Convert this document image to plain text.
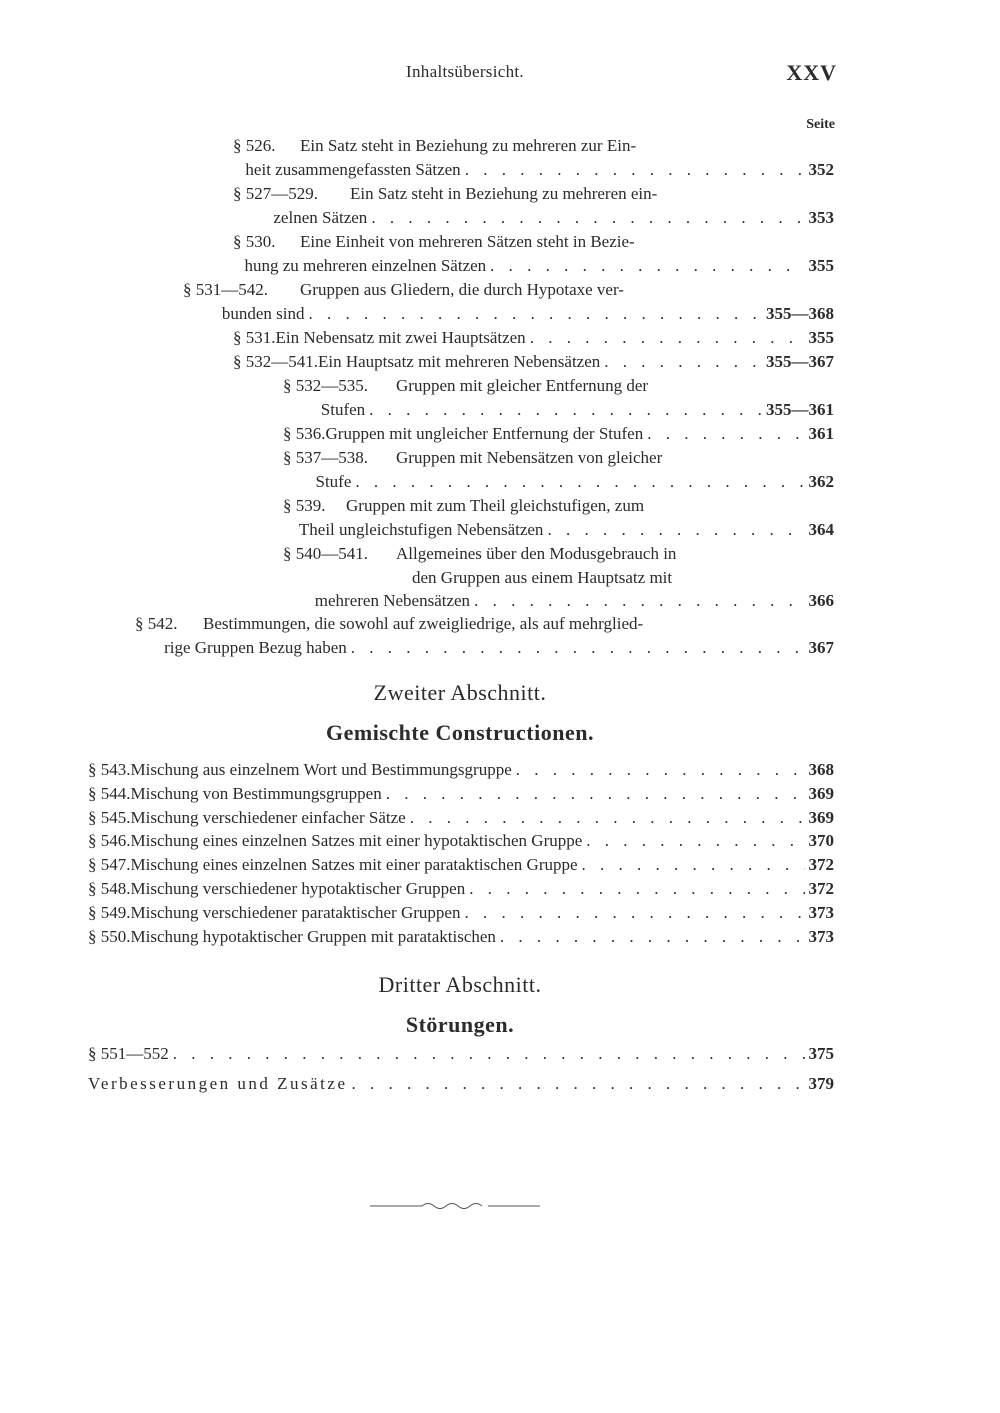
Inhaltsübersicht.	XXV
Seite
§ 526.	Ein Satz steht in Beziehung zu mehreren zur Ein-
heit zusammengefassten Sätzen . . .	352
§ 527—529.	Ein Satz steht in Beziehung zu mehreren ein-
zelnen Sätzen . . .	353
§ 530.	Eine Einheit von mehreren Sätzen steht in Bezie-
hung zu mehreren einzelnen Sätzen . . .	355
§ 531—542.	Gruppen aus Gliedern, die durch Hypotaxe ver-
bunden sind . . .	355—368
§ 531. Ein Nebensatz mit zwei Hauptsätzen . . .	355
§ 532—541. Ein Hauptsatz mit mehreren Nebensätzen . . .	355—367
§ 532—535.	Gruppen mit gleicher Entfernung der
Stufen . . .	355—361
§ 536. Gruppen mit ungleicher Entfernung der Stufen . . .	361
§ 537—538.	Gruppen mit Nebensätzen von gleicher
Stufe . . .	362
§ 539.	Gruppen mit zum Theil gleichstufigen, zum
Theil ungleichstufigen Nebensätzen . . .	364
§ 540—541.	Allgemeines über den Modusgebrauch in
den Gruppen aus einem Hauptsatz mit
mehreren Nebensätzen . . .	366
§ 542.	Bestimmungen, die sowohl auf zweigliedrige, als auf mehrglied-
rige Gruppen Bezug haben . . .	367
Zweiter Abschnitt.
Gemischte Constructionen.
§ 543. Mischung aus einzelnem Wort und Bestimmungsgruppe . . .	368
§ 544. Mischung von Bestimmungsgruppen . . .	369
§ 545. Mischung verschiedener einfacher Sätze . . .	369
§ 546. Mischung eines einzelnen Satzes mit einer hypotaktischen Gruppe . . .	370
§ 547. Mischung eines einzelnen Satzes mit einer parataktischen Gruppe . . .	372
§ 548. Mischung verschiedener hypotaktischer Gruppen . . .	372
§ 549. Mischung verschiedener parataktischer Gruppen . . .	373
§ 550. Mischung hypotaktischer Gruppen mit parataktischen . . .	373
Dritter Abschnitt.
Störungen.
§ 551—552 . . .	375
Verbesserungen und Zusätze . . .	379
